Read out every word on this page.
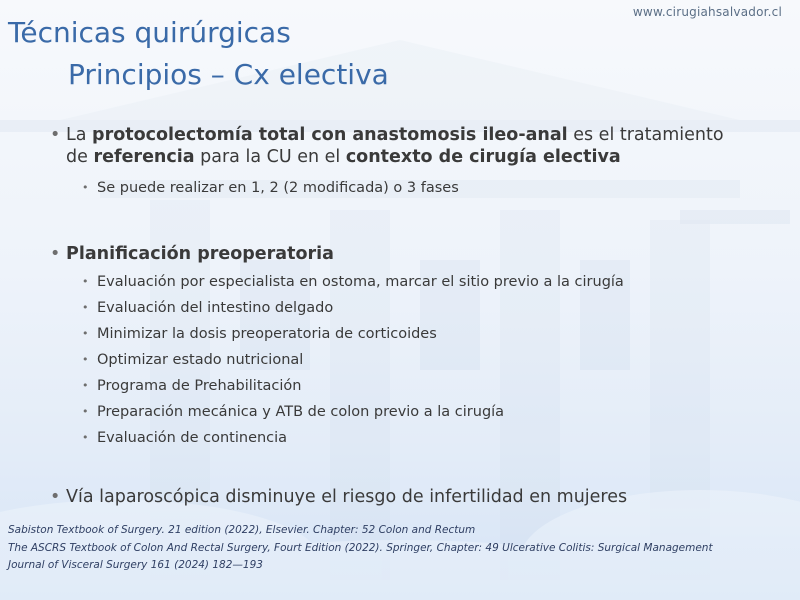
www.cirugiahsalvador.cl
Técnicas quirúrgicas
Principios – Cx electiva
• La protocolectomía total con anastomosis ileo-anal es el tratamiento
de referencia para la CU en el contexto de cirugía electiva
• Se puede realizar en 1, 2 (2 modificada) o 3 fases
• Planificación preoperatoria
• Evaluación por especialista en ostoma, marcar el sitio previo a la cirugía
• Evaluación del intestino delgado
• Minimizar la dosis preoperatoria de corticoides
• Optimizar estado nutricional
• Programa de Prehabilitación
• Preparación mecánica y ATB de colon previo a la cirugía
• Evaluación de continencia
• Vía laparoscópica disminuye el riesgo de infertilidad en mujeres
Sabiston Textbook of Surgery. 21 edition (2022), Elsevier. Chapter: 52 Colon and Rectum
The ASCRS Textbook of Colon And Rectal Surgery, Fourt Edition (2022). Springer, Chapter: 49 Ulcerative Colitis: Surgical Management
Journal of Visceral Surgery 161 (2024) 182—193
